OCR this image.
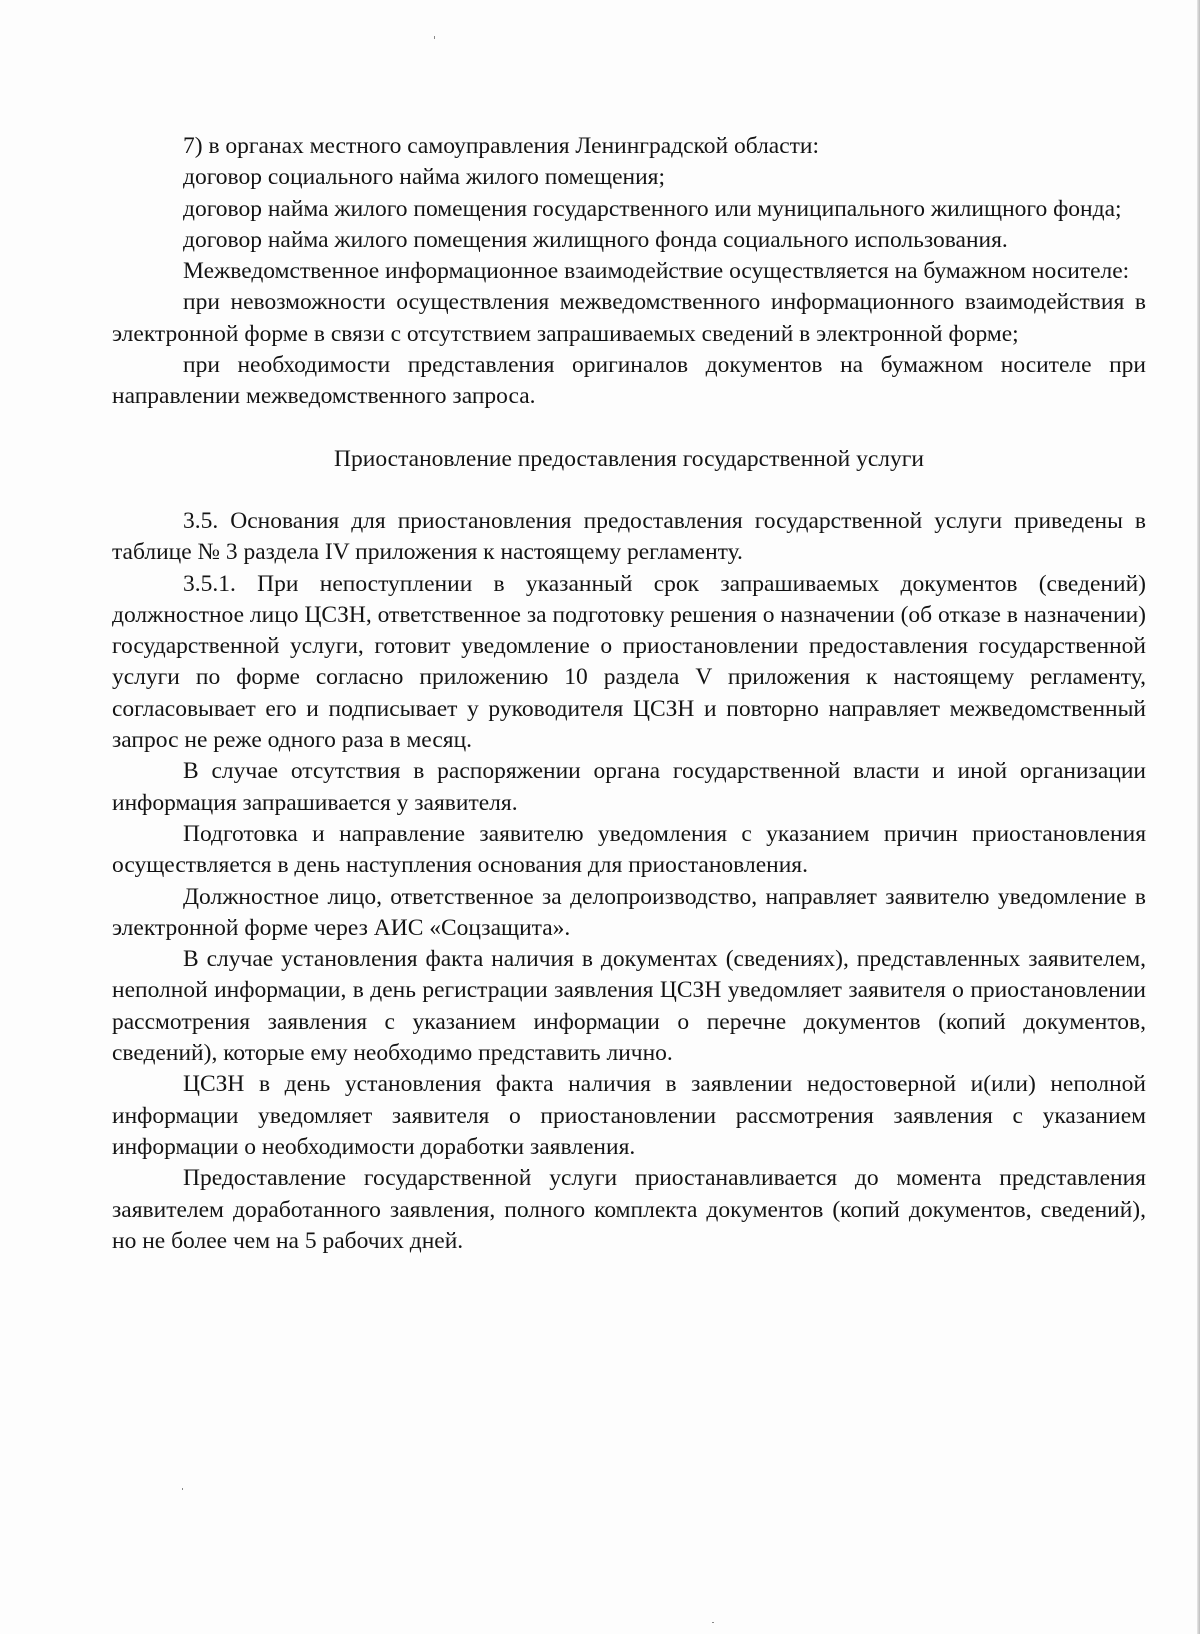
7) в органах местного самоуправления Ленинградской области:

договор социального найма жилого помещения;

договор найма жилого помещения государственного или муниципального жилищного фонда;

договор найма жилого помещения жилищного фонда социального использования.

Межведомственное информационное взаимодействие осуществляется на бумажном носителе:

при невозможности осуществления межведомственного информационного взаимодействия в электронной форме в связи с отсутствием запрашиваемых сведений в электронной форме;

при необходимости представления оригиналов документов на бумажном носителе при направлении межведомственного запроса.

Приостановление предоставления государственной услуги

3.5. Основания для приостановления предоставления государственной услуги приведены в таблице № 3 раздела IV приложения к настоящему регламенту.

3.5.1. При непоступлении в указанный срок запрашиваемых документов (сведений) должностное лицо ЦСЗН, ответственное за подготовку решения о назначении (об отказе в назначении) государственной услуги, готовит уведомление о приостановлении предоставления государственной услуги по форме согласно приложению 10 раздела V приложения к настоящему регламенту, согласовывает его и подписывает у руководителя ЦСЗН и повторно направляет межведомственный запрос не реже одного раза в месяц.

В случае отсутствия в распоряжении органа государственной власти и иной организации информация запрашивается у заявителя.

Подготовка и направление заявителю уведомления с указанием причин приостановления осуществляется в день наступления основания для приостановления.

Должностное лицо, ответственное за делопроизводство, направляет заявителю уведомление в электронной форме через АИС «Соцзащита».

В случае установления факта наличия в документах (сведениях), представленных заявителем, неполной информации, в день регистрации заявления ЦСЗН уведомляет заявителя о приостановлении рассмотрения заявления с указанием информации о перечне документов (копий документов, сведений), которые ему необходимо представить лично.

ЦСЗН в день установления факта наличия в заявлении недостоверной и(или) неполной информации уведомляет заявителя о приостановлении рассмотрения заявления с указанием информации о необходимости доработки заявления.

Предоставление государственной услуги приостанавливается до момента представления заявителем доработанного заявления, полного комплекта документов (копий документов, сведений), но не более чем на 5 рабочих дней.
